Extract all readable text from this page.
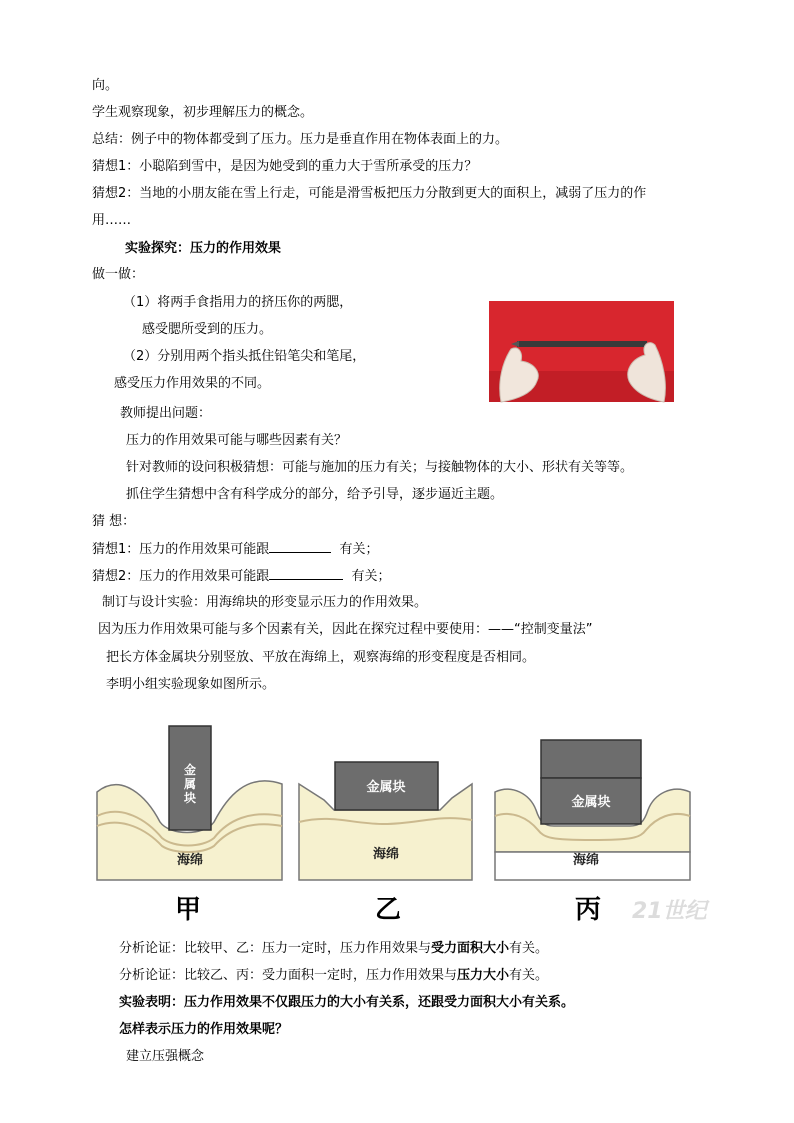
向。
学生观察现象，初步理解压力的概念。
总结：例子中的物体都受到了压力。压力是垂直作用在物体表面上的力。
猜想1：小聪陷到雪中，是因为她受到的重力大于雪所承受的压力？
猜想2：当地的小朋友能在雪上行走，可能是滑雪板把压力分散到更大的面积上，减弱了压力的作
用……
实验探究：压力的作用效果
做一做：
（1）将两手食指用力的挤压你的两腮，
感受腮所受到的压力。
（2）分别用两个指头抵住铅笔尖和笔尾，
感受压力作用效果的不同。
教师提出问题：
压力的作用效果可能与哪些因素有关？
针对教师的设问积极猜想：可能与施加的压力有关；与接触物体的大小、形状有关等等。
抓住学生猜想中含有科学成分的部分，给予引导，逐步逼近主题。
猜 想：
猜想1：压力的作用效果可能跟	有关；
猜想2：压力的作用效果可能跟	有关；
制订与设计实验：用海绵块的形变显示压力的作用效果。
因为压力作用效果可能与多个因素有关，因此在探究过程中要使用：——“控制变量法”
把长方体金属块分别竖放、平放在海绵上，观察海绵的形变程度是否相同。
李明小组实验现象如图所示。
分析论证：比较甲、乙：压力一定时，压力作用效果与受力面积大小有关。
分析论证：比较乙、丙：受力面积一定时，压力作用效果与压力大小有关。
实验表明：压力作用效果不仅跟压力的大小有关系，还跟受力面积大小有关系。
怎样表示压力的作用效果呢？
建立压强概念
金
属
块
海绵
甲
金属块
海绵
乙
金属块
海绵
丙 21世纪
